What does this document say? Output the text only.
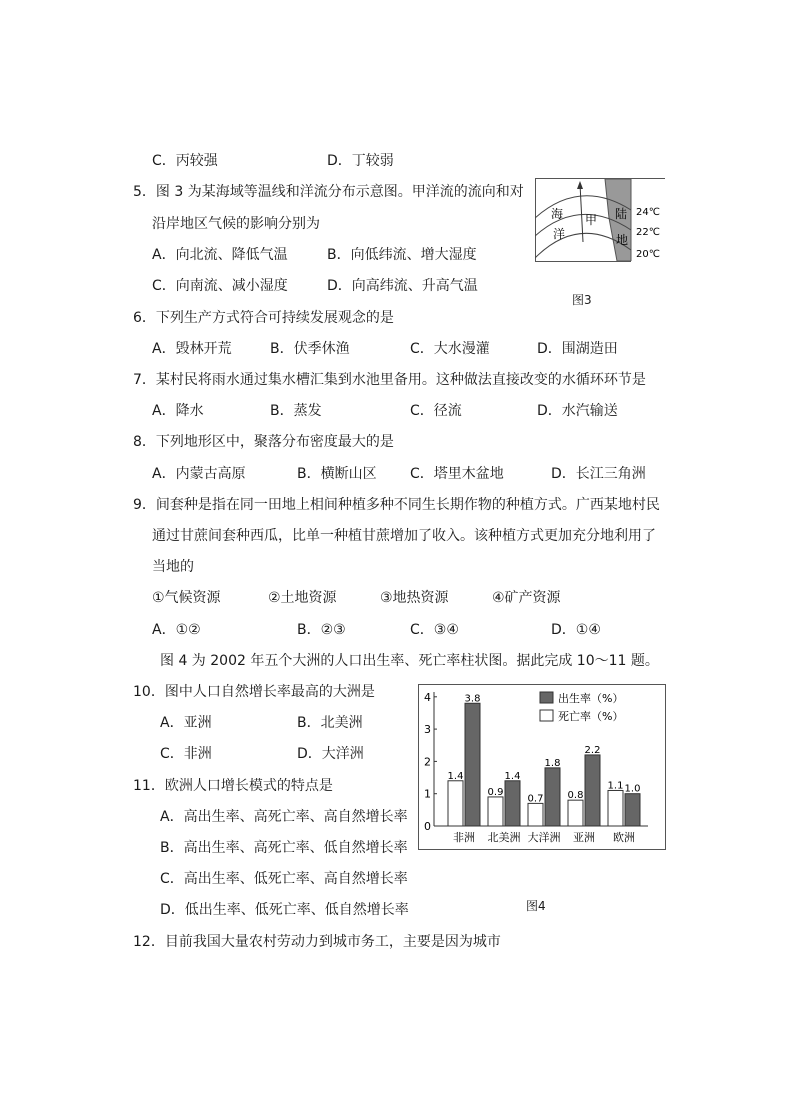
C．丙较强	D．丁较弱
5．图 3 为某海域等温线和洋流分布示意图。甲洋流的流向和对
沿岸地区气候的影响分别为
A．向北流、降低气温	B．向低纬流、增大湿度
C．向南流、减小湿度	D．向高纬流、升高气温
6．下列生产方式符合可持续发展观念的是
A．毁林开荒	B．伏季休渔	C．大水漫灌	D．围湖造田
7．某村民将雨水通过集水槽汇集到水池里备用。这种做法直接改变的水循环环节是
A．降水	B．蒸发	C．径流	D．水汽输送
8．下列地形区中，聚落分布密度最大的是
A．内蒙古高原	B．横断山区 C．塔里木盆地	D．长江三角洲
9．间套种是指在同一田地上相间种植多种不同生长期作物的种植方式。广西某地村民
通过甘蔗间套种西瓜，比单一种植甘蔗增加了收入。该种植方式更加充分地利用了
当地的
①气候资源	②土地资源	③地热资源	④矿产资源
A．①②	B．②③	C．③④	D．①④
图 4 为 2002 年五个大洲的人口出生率、死亡率柱状图。据此完成 10～11 题。
10．图中人口自然增长率最高的大洲是
A．亚洲	B．北美洲
C．非洲	D．大洋洲
11．欧洲人口增长模式的特点是
A．高出生率、高死亡率、高自然增长率
B．高出生率、高死亡率、低自然增长率
C．高出生率、低死亡率、高自然增长率
D．低出生率、低死亡率、低自然增长率
12．目前我国大量农村劳动力到城市务工，主要是因为城市
海
洋
甲 陆
地
24℃
22℃
20℃
图3
0
1
2
3
4
非洲
1.4
3.8
北美洲
0.9
1.4
大洋洲
0.7
1.8
亚洲
0.8
2.2
欧洲
1.1 1.0
出生率（%）
死亡率（%）
图4
